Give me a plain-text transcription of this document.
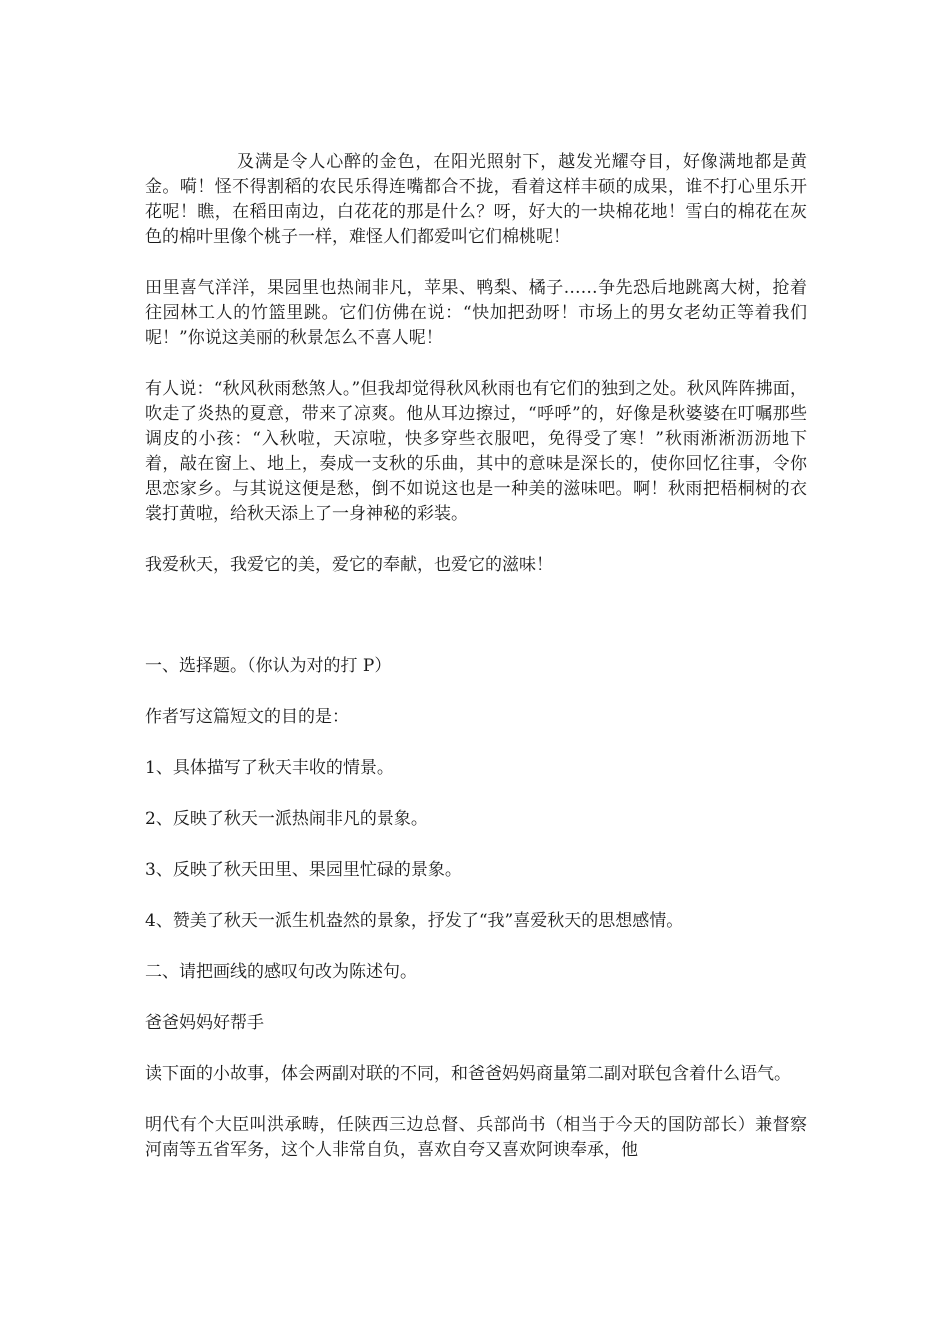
及满是令人心醉的金色，在阳光照射下，越发光耀夺目，好像满地都是黄金。嗬！怪不得割稻的农民乐得连嘴都合不拢，看着这样丰硕的成果，谁不打心里乐开花呢！瞧，在稻田南边，白花花的那是什么？呀，好大的一块棉花地！雪白的棉花在灰色的棉叶里像个桃子一样，难怪人们都爱叫它们棉桃呢！

田里喜气洋洋，果园里也热闹非凡，苹果、鸭梨、橘子……争先恐后地跳离大树，抢着往园林工人的竹篮里跳。它们仿佛在说：“快加把劲呀！市场上的男女老幼正等着我们呢！”你说这美丽的秋景怎么不喜人呢！

有人说：“秋风秋雨愁煞人。”但我却觉得秋风秋雨也有它们的独到之处。秋风阵阵拂面，吹走了炎热的夏意，带来了凉爽。他从耳边擦过，“呼呼”的，好像是秋婆婆在叮嘱那些调皮的小孩：“入秋啦，天凉啦，快多穿些衣服吧，免得受了寒！”秋雨淅淅沥沥地下着，敲在窗上、地上，奏成一支秋的乐曲，其中的意味是深长的，使你回忆往事，令你思恋家乡。与其说这便是愁，倒不如说这也是一种美的滋味吧。啊！秋雨把梧桐树的衣裳打黄啦，给秋天添上了一身神秘的彩装。

我爱秋天，我爱它的美，爱它的奉献，也爱它的滋味！

一、选择题。（你认为对的打 P）

作者写这篇短文的目的是：

1、具体描写了秋天丰收的情景。

2、反映了秋天一派热闹非凡的景象。

3、反映了秋天田里、果园里忙碌的景象。

4、赞美了秋天一派生机盎然的景象，抒发了“我”喜爱秋天的思想感情。

二、请把画线的感叹句改为陈述句。

爸爸妈妈好帮手

读下面的小故事，体会两副对联的不同，和爸爸妈妈商量第二副对联包含着什么语气。

明代有个大臣叫洪承畴，任陕西三边总督、兵部尚书（相当于今天的国防部长）兼督察河南等五省军务，这个人非常自负，喜欢自夸又喜欢阿谀奉承，他
